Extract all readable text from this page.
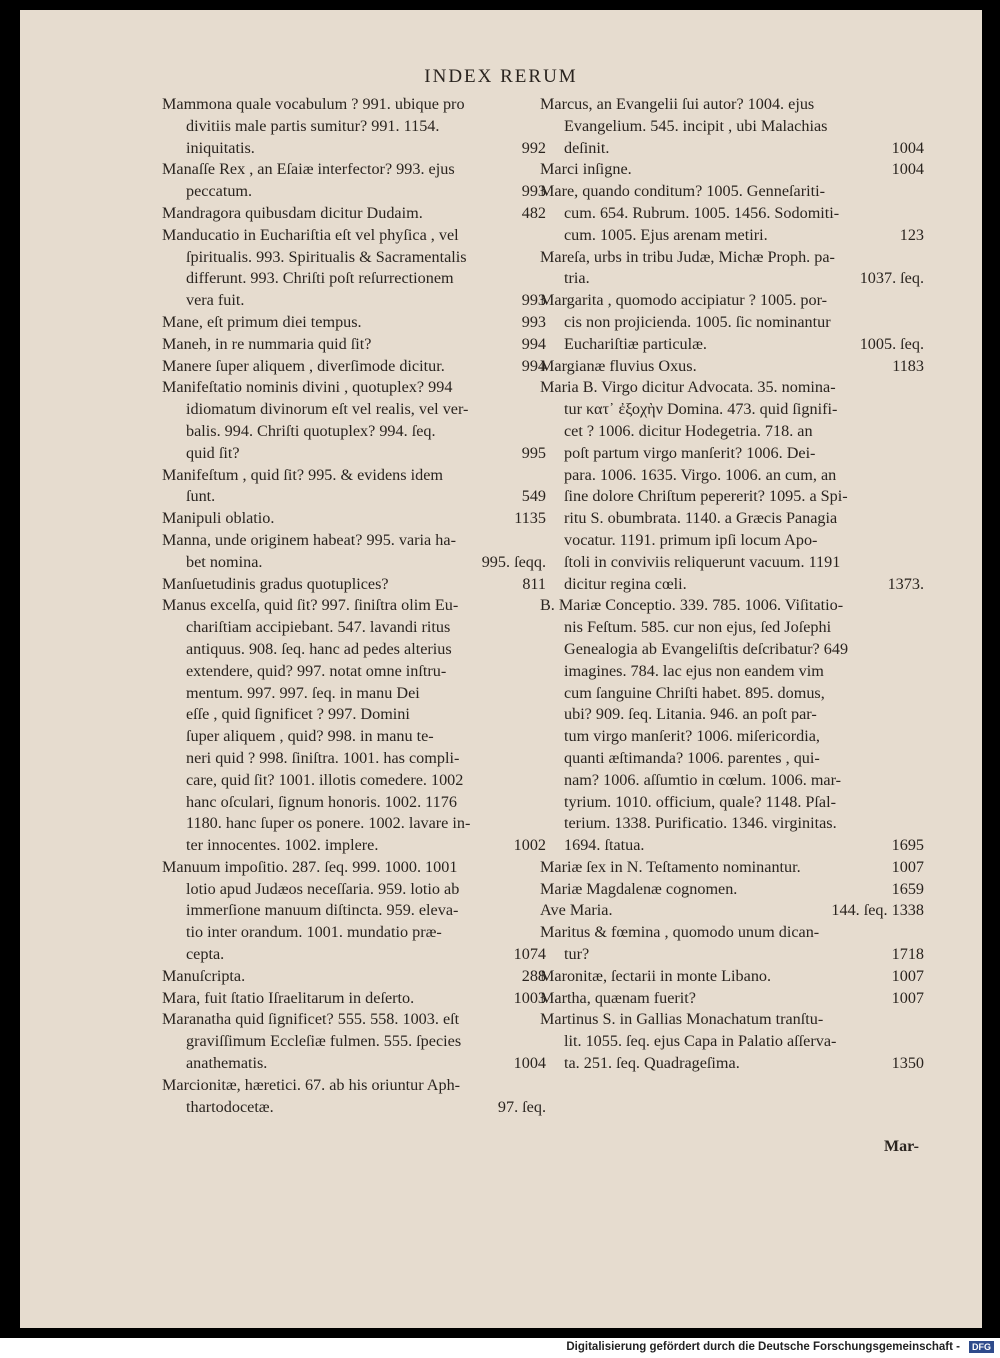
INDEX RERUM
Mammona quale vocabulum ? 991. ubique pro
divitiis male partis sumitur? 991. 1154.
992
iniquitatis.
Manaſſe Rex , an Eſaiæ interfector? 993. ejus
993
peccatum.
482
Mandragora quibusdam dicitur Dudaim.
Manducatio in Euchariſtia eſt vel phyſica , vel
ſpiritualis. 993. Spiritualis & Sacramentalis
differunt. 993. Chriſti poſt reſurrectionem
993
vera fuit.
993
Mane, eſt primum diei tempus.
994
Maneh, in re nummaria quid ſit?
994
Manere ſuper aliquem , diverſimode dicitur.
Manifeſtatio nominis divini , quotuplex? 994
idiomatum divinorum eſt vel realis, vel ver-
balis. 994. Chriſti quotuplex? 994. ſeq.
995
quid ſit?
Manifeſtum , quid ſit? 995. & evidens idem
549
ſunt.
1135
Manipuli oblatio.
Manna, unde originem habeat? 995. varia ha-
995. ſeqq.
bet nomina.
811
Manſuetudinis gradus quotuplices?
Manus excelſa, quid ſit? 997. ſiniſtra olim Eu-
chariſtiam accipiebant. 547. lavandi ritus
antiquus. 908. ſeq. hanc ad pedes alterius
extendere, quid? 997. notat omne inſtru-
mentum. 997. 997. ſeq. in manu Dei
eſſe , quid ſignificet ? 997. Domini
ſuper aliquem , quid? 998. in manu te-
neri quid ? 998. ſiniſtra. 1001. has compli-
care, quid ſit? 1001. illotis comedere. 1002
hanc oſculari, ſignum honoris. 1002. 1176
1180. hanc ſuper os ponere. 1002. lavare in-
1002
ter innocentes. 1002. implere.
Manuum impoſitio. 287. ſeq. 999. 1000. 1001
lotio apud Judæos neceſſaria. 959. lotio ab
immerſione manuum diſtincta. 959. eleva-
tio inter orandum. 1001. mundatio præ-
1074
cepta.
288
Manuſcripta.
1003
Mara, fuit ſtatio Iſraelitarum in deſerto.
Maranatha quid ſignificet? 555. 558. 1003. eſt
graviſſimum Eccleſiæ fulmen. 555. ſpecies
1004
anathematis.
Marcionitæ, hæretici. 67. ab his oriuntur Aph-
97. ſeq.
thartodocetæ.
Marcus, an Evangelii ſui autor? 1004. ejus
Evangelium. 545. incipit , ubi Malachias
1004
deſinit.
1004
Marci inſigne.
Mare, quando conditum? 1005. Genneſariti-
cum. 654. Rubrum. 1005. 1456. Sodomiti-
123
cum. 1005. Ejus arenam metiri.
Mareſa, urbs in tribu Judæ, Michæ Proph. pa-
1037. ſeq.
tria.
Margarita , quomodo accipiatur ? 1005. por-
cis non projicienda. 1005. ſic nominantur
1005. ſeq.
Euchariſtiæ particulæ.
1183
Margianæ fluvius Oxus.
Maria B. Virgo dicitur Advocata. 35. nomina-
tur κατ᾽ ἐξοχὴν Domina. 473. quid ſignifi-
cet ? 1006. dicitur Hodegetria. 718. an
poſt partum virgo manſerit? 1006. Dei-
para. 1006. 1635. Virgo. 1006. an cum, an
ſine dolore Chriſtum pepererit? 1095. a Spi-
ritu S. obumbrata. 1140. a Græcis Panagia
vocatur. 1191. primum ipſi locum Apo-
ſtoli in conviviis reliquerunt vacuum. 1191
1373.
dicitur regina cœli.
B. Mariæ Conceptio. 339. 785. 1006. Viſitatio-
nis Feſtum. 585. cur non ejus, ſed Joſephi
Genealogia ab Evangeliſtis deſcribatur? 649
imagines. 784. lac ejus non eandem vim
cum ſanguine Chriſti habet. 895. domus,
ubi? 909. ſeq. Litania. 946. an poſt par-
tum virgo manſerit? 1006. miſericordia,
quanti æſtimanda? 1006. parentes , qui-
nam? 1006. aſſumtio in cœlum. 1006. mar-
tyrium. 1010. officium, quale? 1148. Pſal-
terium. 1338. Purificatio. 1346. virginitas.
1695
1694. ſtatua.
1007
Mariæ ſex in N. Teſtamento nominantur.
1659
Mariæ Magdalenæ cognomen.
144. ſeq. 1338
Ave Maria.
Maritus & fœmina , quomodo unum dican-
1718
tur?
1007
Maronitæ, ſectarii in monte Libano.
1007
Martha, quænam fuerit?
Martinus S. in Gallias Monachatum tranſtu-
lit. 1055. ſeq. ejus Capa in Palatio aſſerva-
1350
ta. 251. ſeq. Quadrageſima.
Mar-
Digitalisierung gefördert durch die Deutsche Forschungsgemeinschaft -	DFG
